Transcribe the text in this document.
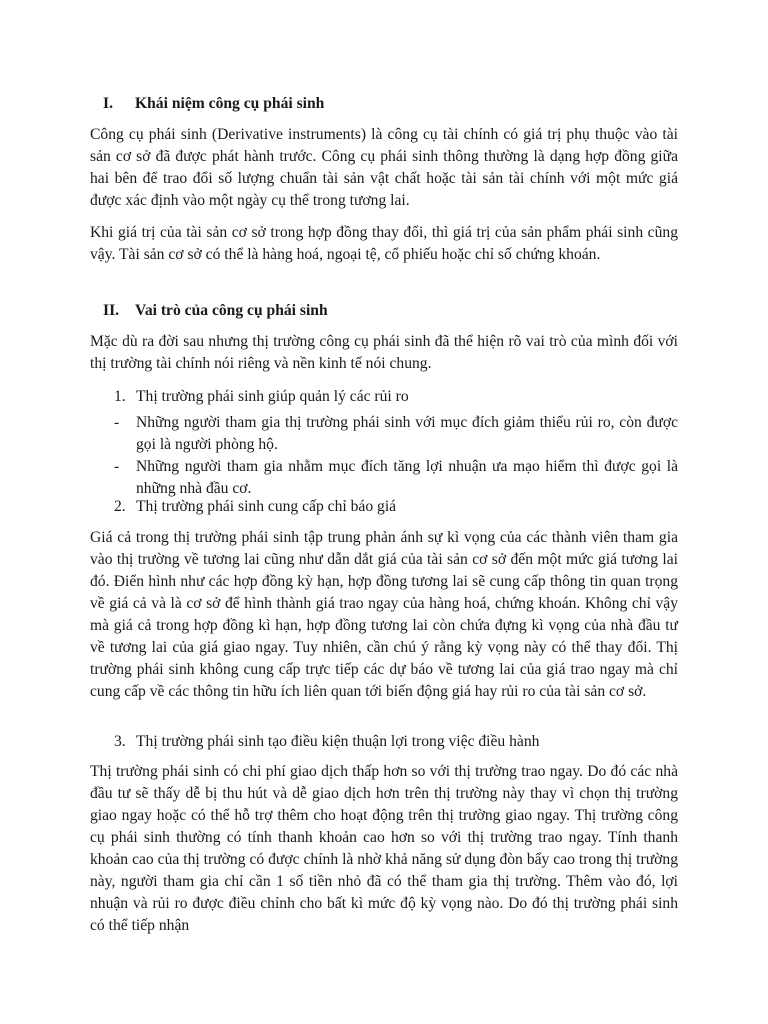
I. Khái niệm công cụ phái sinh

Công cụ phái sinh (Derivative instruments) là công cụ tài chính có giá trị phụ thuộc vào tài sản cơ sở đã được phát hành trước. Công cụ phái sinh thông thường là dạng hợp đồng giữa hai bên để trao đổi số lượng chuẩn tài sản vật chất hoặc tài sản tài chính với một mức giá được xác định vào một ngày cụ thể trong tương lai.

Khi giá trị của tài sản cơ sở trong hợp đồng thay đổi, thì giá trị của sản phẩm phái sinh cũng vậy. Tài sản cơ sở có thể là hàng hoá, ngoại tệ, cổ phiếu hoặc chỉ số chứng khoán.

II. Vai trò của công cụ phái sinh

Mặc dù ra đời sau nhưng thị trường công cụ phái sinh đã thể hiện rõ vai trò của mình đối với thị trường tài chính nói riêng và nền kinh tế nói chung.

1. Thị trường phái sinh giúp quản lý các rủi ro
- Những người tham gia thị trường phái sinh với mục đích giảm thiểu rủi ro, còn được gọi là người phòng hộ.
- Những người tham gia nhằm mục đích tăng lợi nhuận ưa mạo hiểm thì được gọi là những nhà đầu cơ.
2. Thị trường phái sinh cung cấp chỉ báo giá

Giá cả trong thị trường phái sinh tập trung phản ánh sự kì vọng của các thành viên tham gia vào thị trường về tương lai cũng như dẫn dắt giá của tài sản cơ sở đến một mức giá tương lai đó. Điển hình như các hợp đồng kỳ hạn, hợp đồng tương lai sẽ cung cấp thông tin quan trọng về giá cả và là cơ sở để hình thành giá trao ngay của hàng hoá, chứng khoán. Không chỉ vậy mà giá cả trong hợp đồng kì hạn, hợp đồng tương lai còn chứa đựng kì vọng của nhà đầu tư về tương lai của giá giao ngay. Tuy nhiên, cần chú ý rằng kỳ vọng này có thể thay đổi. Thị trường phái sinh không cung cấp trực tiếp các dự báo về tương lai của giá trao ngay mà chỉ cung cấp về các thông tin hữu ích liên quan tới biến động giá hay rủi ro của tài sản cơ sở.

3. Thị trường phái sinh tạo điều kiện thuận lợi trong việc điều hành

Thị trường phái sinh có chi phí giao dịch thấp hơn so với thị trường trao ngay. Do đó các nhà đầu tư sẽ thấy dễ bị thu hút và dễ giao dịch hơn trên thị trường này thay vì chọn thị trường giao ngay hoặc có thể hỗ trợ thêm cho hoạt động trên thị trường giao ngay. Thị trường công cụ phái sinh thường có tính thanh khoản cao hơn so với thị trường trao ngay. Tính thanh khoản cao của thị trường có được chính là nhờ khả năng sử dụng đòn bẩy cao trong thị trường này, người tham gia chỉ cần 1 số tiền nhỏ đã có thể tham gia thị trường. Thêm vào đó, lợi nhuận và rủi ro được điều chỉnh cho bất kì mức độ kỳ vọng nào. Do đó thị trường phái sinh có thể tiếp nhận
